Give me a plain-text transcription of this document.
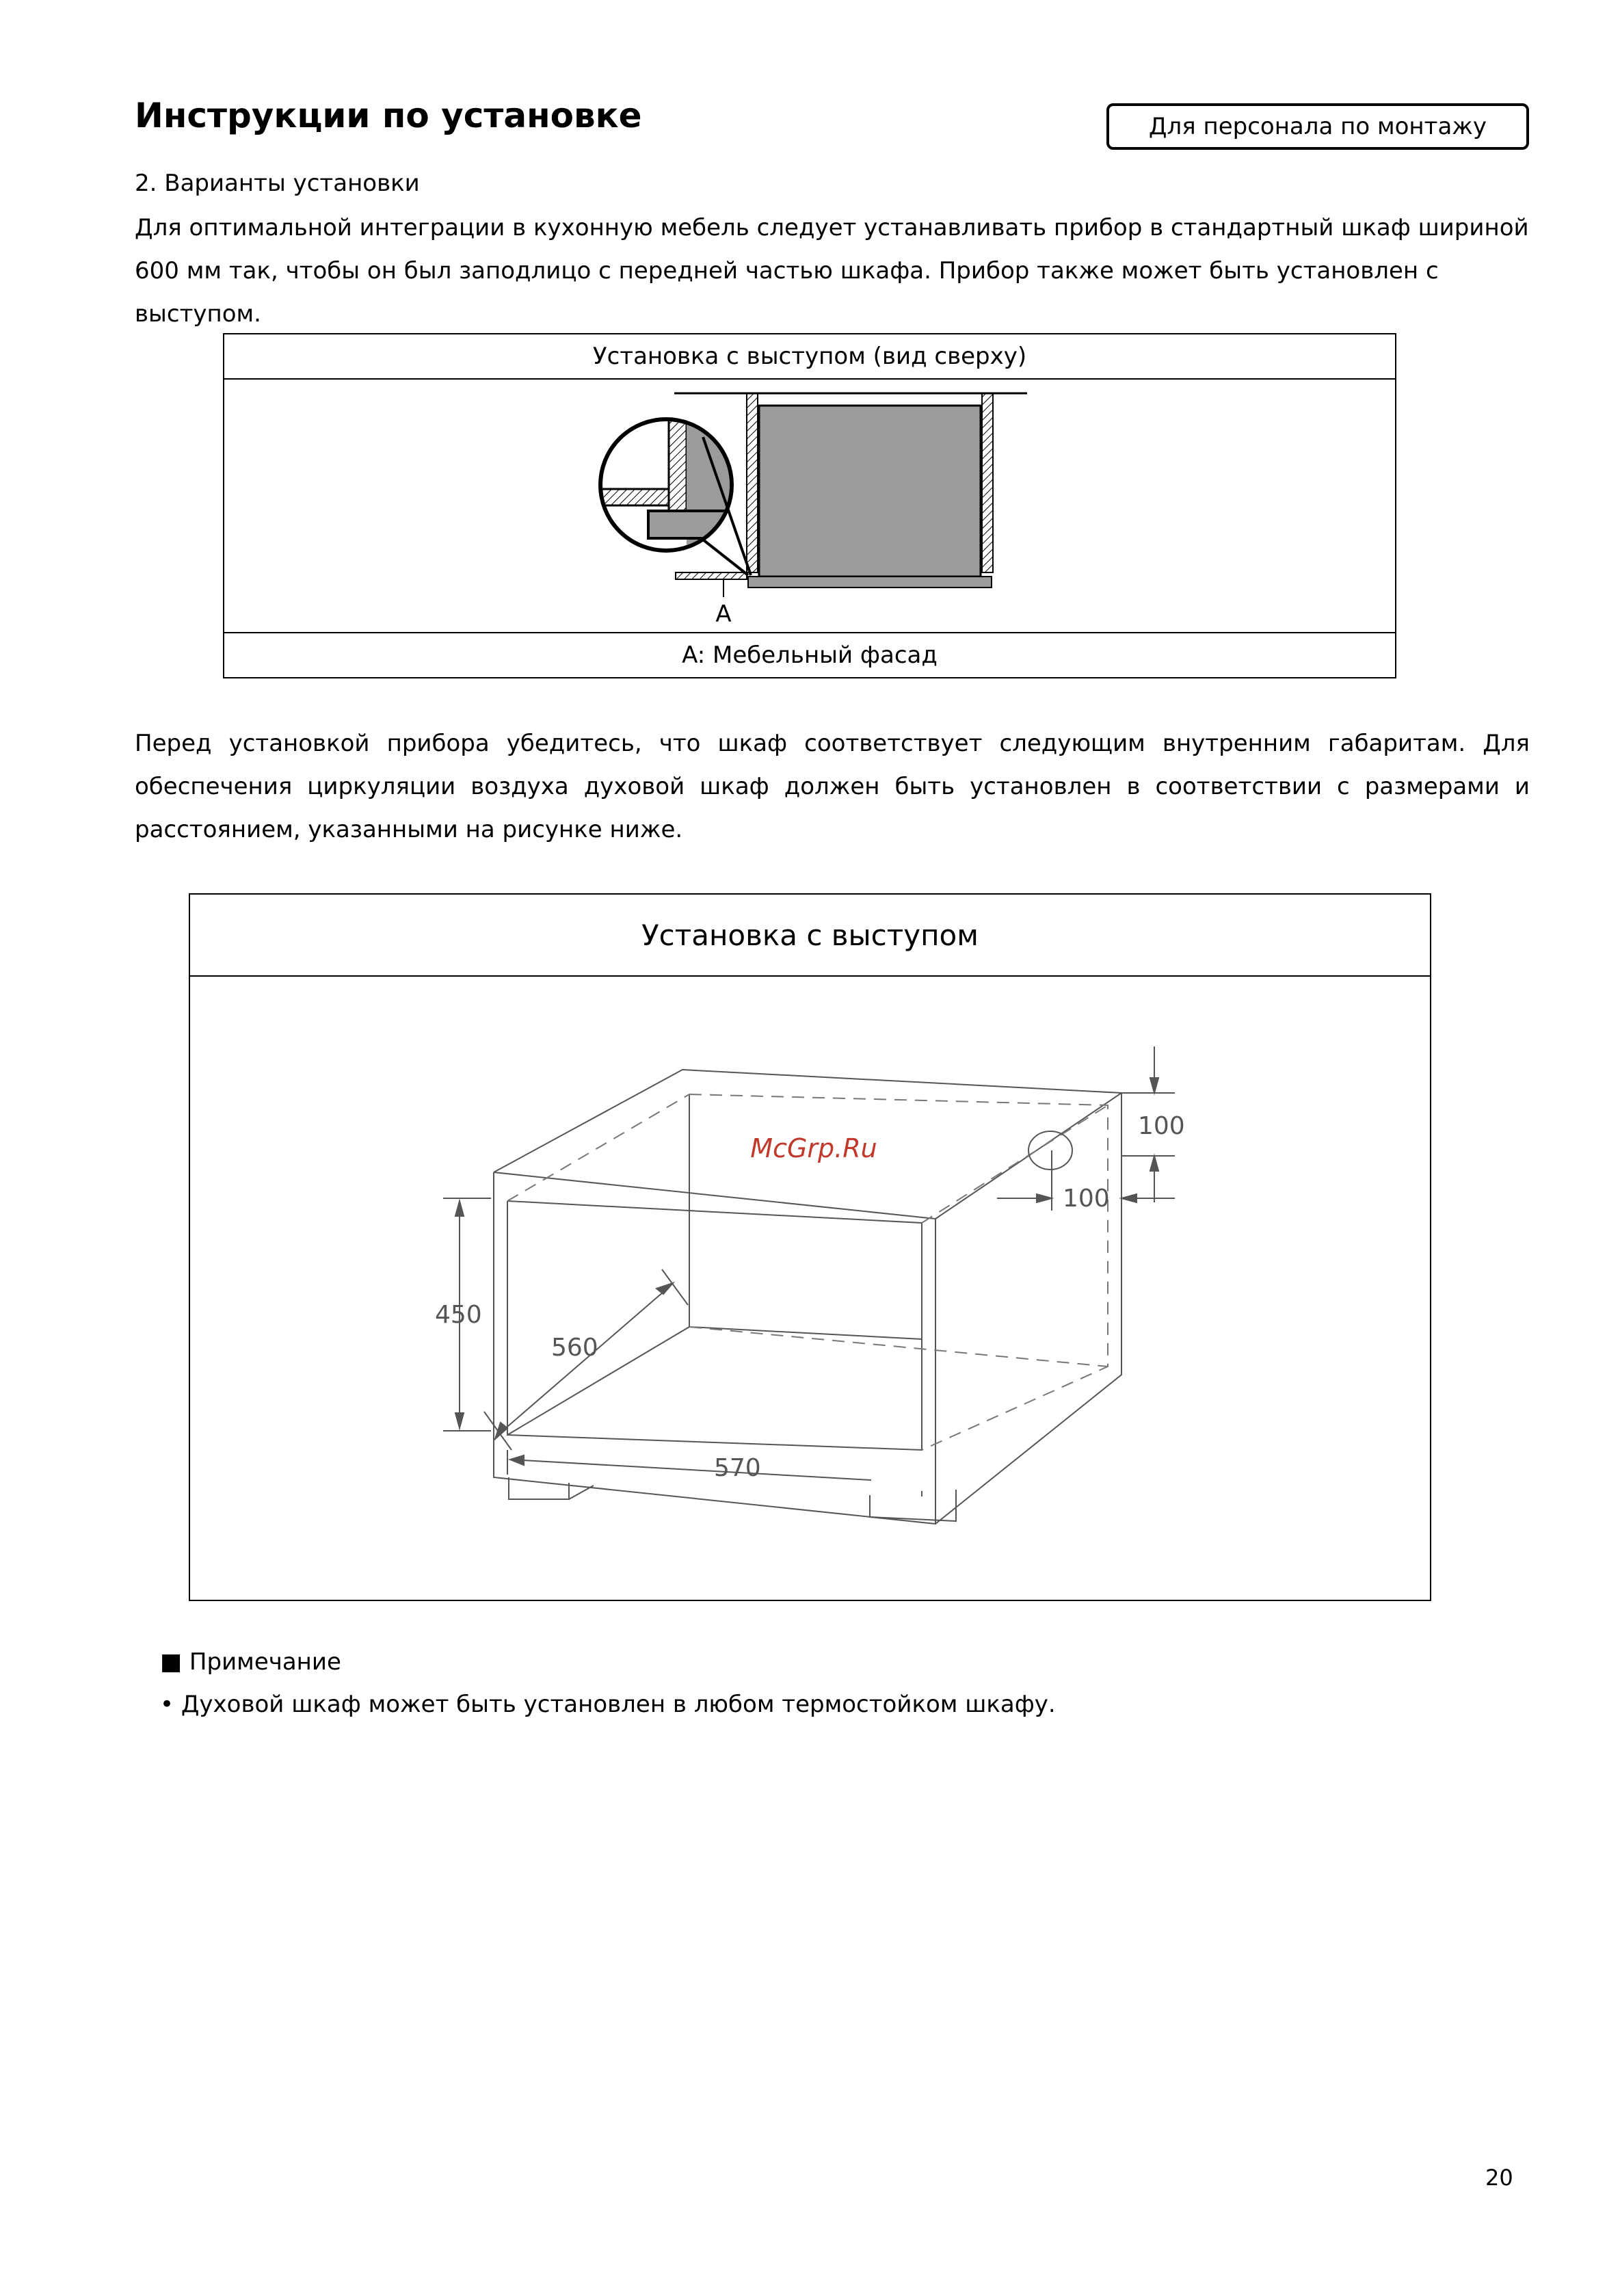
Инструкции по установке	Для персонала по монтажу
2. Варианты установки
Для оптимальной интеграции в кухонную мебель следует устанавливать прибор в стандартный шкаф шириной 600 мм так, чтобы он был заподлицо с передней частью шкафа. Прибор также может быть установлен с выступом.
Установка с выступом (вид сверху)
A
A: Мебельный фасад
Перед установкой прибора убедитесь, что шкаф соответствует следующим внутренним габаритам. Для обеспечения циркуляции воздуха духовой шкаф должен быть установлен в соответствии с размерами и расстоянием, указанными на рисунке ниже.
Установка с выступом
100
100
450
560
570
McGrp.Ru
■ Примечание
• Духовой шкаф может быть установлен в любом термостойком шкафу.
20
